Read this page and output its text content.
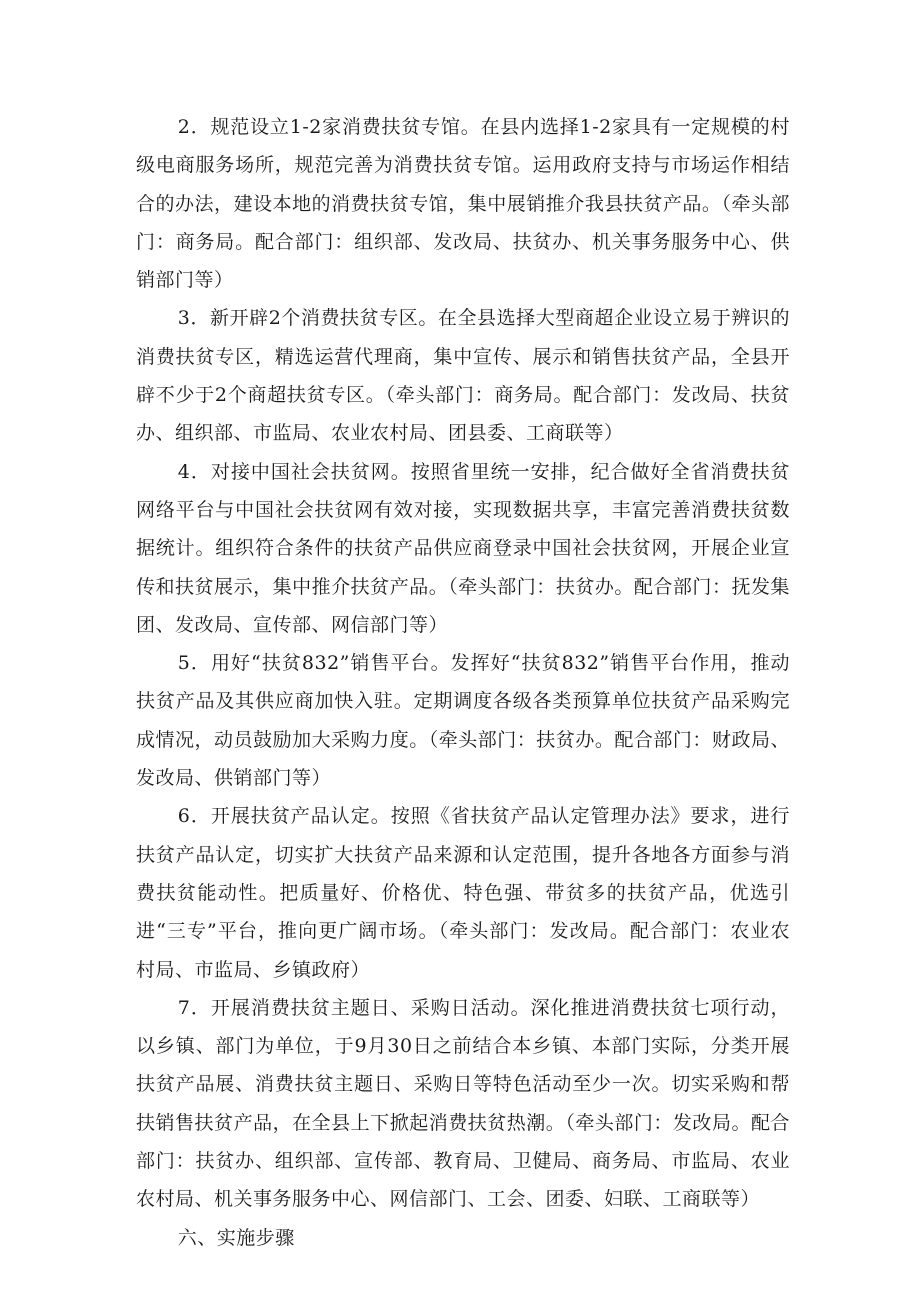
2．规范设立1-2家消费扶贫专馆。在县内选择1-2家具有一定规模的村级电商服务场所，规范完善为消费扶贫专馆。运用政府支持与市场运作相结合的办法，建设本地的消费扶贫专馆，集中展销推介我县扶贫产品。（牵头部门：商务局。配合部门：组织部、发改局、扶贫办、机关事务服务中心、供销部门等）

3．新开辟2个消费扶贫专区。在全县选择大型商超企业设立易于辨识的消费扶贫专区，精选运营代理商，集中宣传、展示和销售扶贫产品，全县开辟不少于2个商超扶贫专区。（牵头部门：商务局。配合部门：发改局、扶贫办、组织部、市监局、农业农村局、团县委、工商联等）

4．对接中国社会扶贫网。按照省里统一安排，纪合做好全省消费扶贫网络平台与中国社会扶贫网有效对接，实现数据共享，丰富完善消费扶贫数据统计。组织符合条件的扶贫产品供应商登录中国社会扶贫网，开展企业宣传和扶贫展示，集中推介扶贫产品。（牵头部门：扶贫办。配合部门：抚发集团、发改局、宣传部、网信部门等）

5．用好“扶贫832”销售平台。发挥好“扶贫832”销售平台作用，推动扶贫产品及其供应商加快入驻。定期调度各级各类预算单位扶贫产品采购完成情况，动员鼓励加大采购力度。（牵头部门：扶贫办。配合部门：财政局、发改局、供销部门等）

6．开展扶贫产品认定。按照《省扶贫产品认定管理办法》要求，进行扶贫产品认定，切实扩大扶贫产品来源和认定范围，提升各地各方面参与消费扶贫能动性。把质量好、价格优、特色强、带贫多的扶贫产品，优选引进“三专”平台，推向更广阔市场。（牵头部门：发改局。配合部门：农业农村局、市监局、乡镇政府）

7．开展消费扶贫主题日、采购日活动。深化推进消费扶贫七项行动，以乡镇、部门为单位，于9月30日之前结合本乡镇、本部门实际，分类开展扶贫产品展、消费扶贫主题日、采购日等特色活动至少一次。切实采购和帮扶销售扶贫产品，在全县上下掀起消费扶贫热潮。（牵头部门：发改局。配合部门：扶贫办、组织部、宣传部、教育局、卫健局、商务局、市监局、农业农村局、机关事务服务中心、网信部门、工会、团委、妇联、工商联等）

六、实施步骤
